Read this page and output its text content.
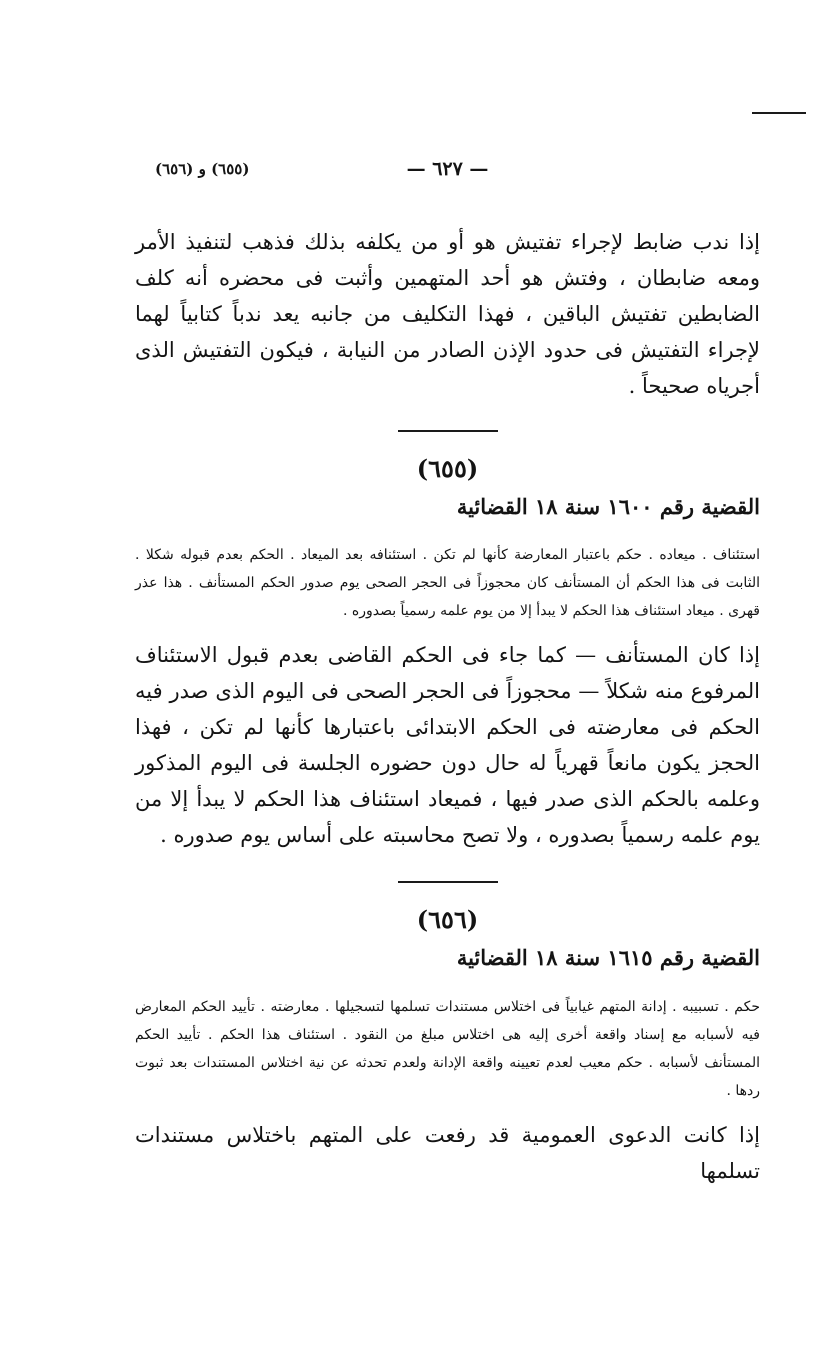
— ٦٢٧ —
(٦٥٥) و (٦٥٦)

إذا ندب ضابط لإجراء تفتيش هو أو من يكلفه بذلك فذهب لتنفيذ الأمر ومعه ضابطان ، وفتش هو أحد المتهمين وأثبت فى محضره أنه كلف الضابطين تفتيش الباقين ، فهذا التكليف من جانبه يعد ندباً كتابياً لهما لإجراء التفتيش فى حدود الإذن الصادر من النيابة ، فيكون التفتيش الذى أجرياه صحيحاً .

(٦٥٥)
القضية رقم ١٦٠٠ سنة ١٨ القضائية

استئناف . ميعاده . حكم باعتبار المعارضة كأنها لم تكن . استئنافه بعد الميعاد . الحكم بعدم قبوله شكلا . الثابت فى هذا الحكم أن المستأنف كان محجوزاً فى الحجر الصحى يوم صدور الحكم المستأنف . هذا عذر قهرى . ميعاد استئناف هذا الحكم لا يبدأ إلا من يوم علمه رسمياً بصدوره .

إذا كان المستأنف — كما جاء فى الحكم القاضى بعدم قبول الاستئناف المرفوع منه شكلاً — محجوزاً فى الحجر الصحى فى اليوم الذى صدر فيه الحكم فى معارضته فى الحكم الابتدائى باعتبارها كأنها لم تكن ، فهذا الحجز يكون مانعاً قهرياً له حال دون حضوره الجلسة فى اليوم المذكور وعلمه بالحكم الذى صدر فيها ، فميعاد استئناف هذا الحكم لا يبدأ إلا من يوم علمه رسمياً بصدوره ، ولا تصح محاسبته على أساس يوم صدوره .

(٦٥٦)
القضية رقم ١٦١٥ سنة ١٨ القضائية

حكم . تسبيبه . إدانة المتهم غيابياً فى اختلاس مستندات تسلمها لتسجيلها . معارضته . تأييد الحكم المعارض فيه لأسبابه مع إسناد واقعة أخرى إليه هى اختلاس مبلغ من النقود . استئناف هذا الحكم . تأييد الحكم المستأنف لأسبابه . حكم معيب لعدم تعيينه واقعة الإدانة ولعدم تحدثه عن نية اختلاس المستندات بعد ثبوت ردها .

إذا كانت الدعوى العمومية قد رفعت على المتهم باختلاس مستندات تسلمها
